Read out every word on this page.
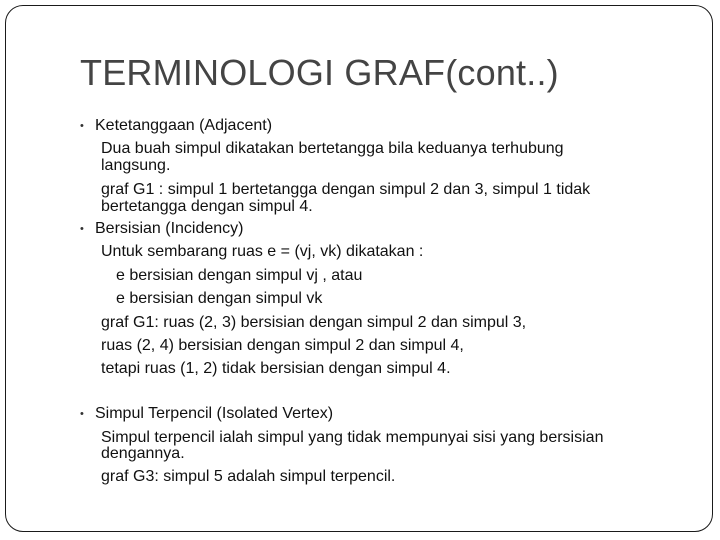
TERMINOLOGI GRAF(cont..)
• Ketetanggaan (Adjacent)
Dua buah simpul dikatakan bertetangga bila keduanya terhubung
langsung.
graf G1 : simpul 1 bertetangga dengan simpul 2 dan 3, simpul 1 tidak
bertetangga dengan simpul 4.
• Bersisian (Incidency)
Untuk sembarang ruas e = (vj, vk) dikatakan :
e bersisian dengan simpul vj , atau
e bersisian dengan simpul vk
graf G1: ruas (2, 3) bersisian dengan simpul 2 dan simpul 3,
ruas (2, 4) bersisian dengan simpul 2 dan simpul 4,
tetapi ruas (1, 2) tidak bersisian dengan simpul 4.
• Simpul Terpencil (Isolated Vertex)
Simpul terpencil ialah simpul yang tidak mempunyai sisi yang bersisian
dengannya.
graf G3: simpul 5 adalah simpul terpencil.
